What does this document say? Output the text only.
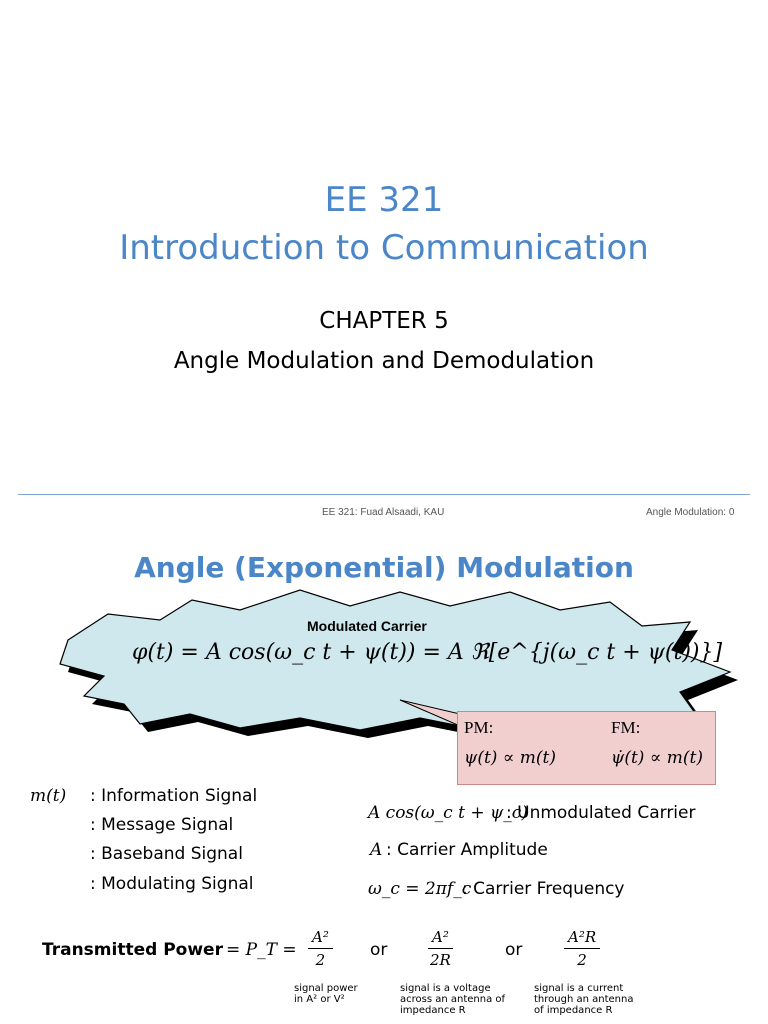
EE 321
Introduction to Communication
CHAPTER 5
Angle Modulation and Demodulation
EE 321: Fuad Alsaadi, KAU	Angle Modulation: 0
Angle (Exponential) Modulation
Modulated Carrier
φ(t) = A cos(ω_c t + ψ(t)) = A ℜ[e^{j(ω_c t + ψ(t))}]
PM:	FM:
ψ(t) ∝ m(t)	ψ̇(t) ∝ m(t)
m(t) : Information Signal
: Message Signal
: Baseband Signal
: Modulating Signal
A cos(ω_c t + ψ_c)
: Unmodulated Carrier
A : Carrier Amplitude
ω_c = 2πf_c
: Carrier Frequency
Transmitted Power = P_T = $\frac{\text{A²}}{2}$ or	$\frac{\text{A²}}{2R}$	or	$\frac{\text{A²R}}{2}$
signal power in A² or V²
signal is a voltage across an antenna of impedance R
signal is a current through an antenna of impedance R
